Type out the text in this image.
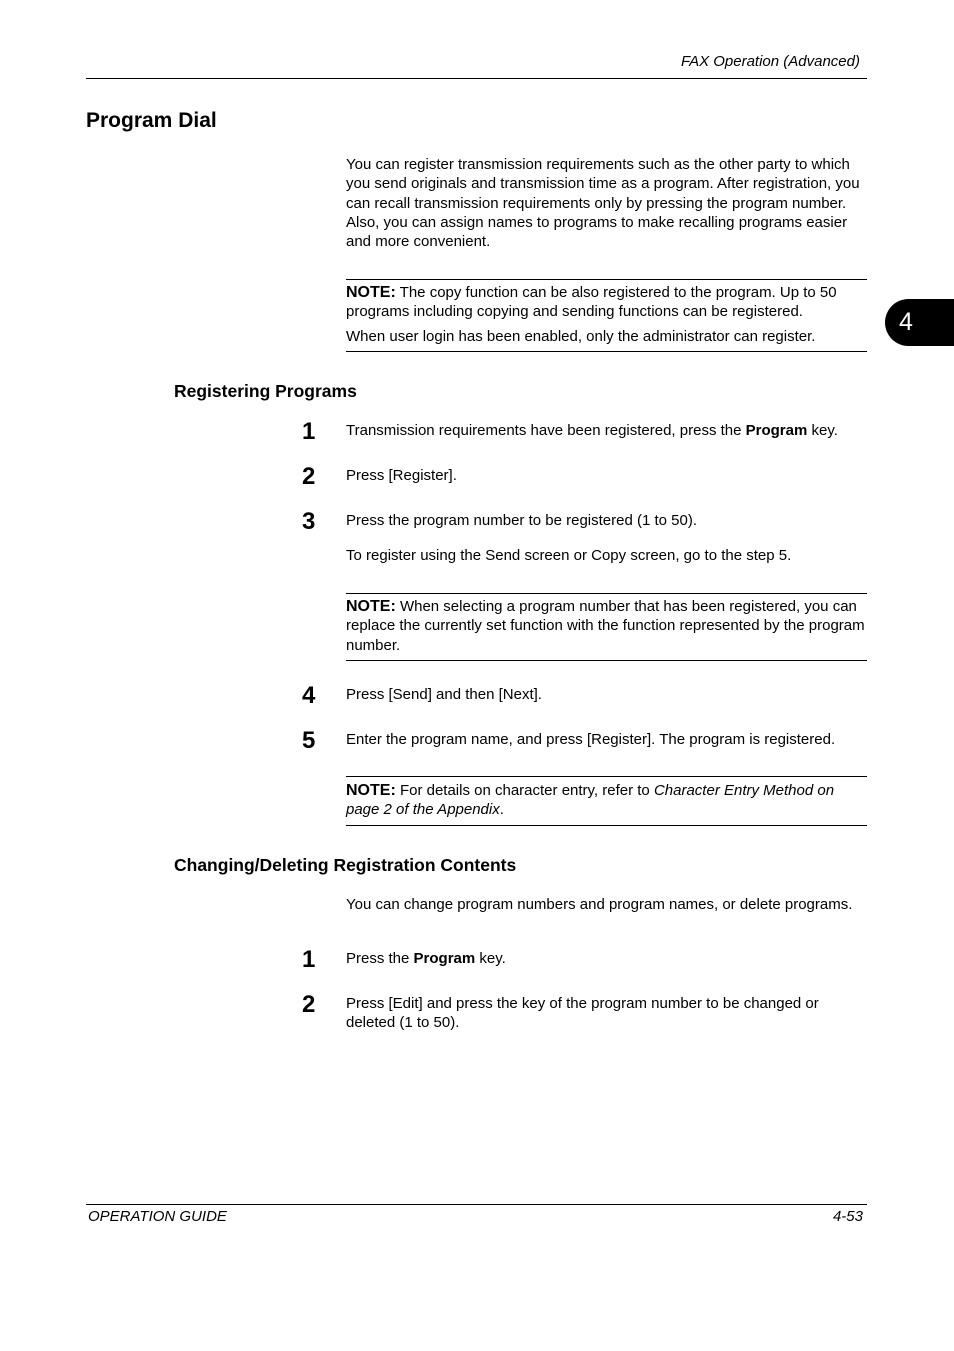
FAX Operation (Advanced)
4
Program Dial

You can register transmission requirements such as the other party to which you send originals and transmission time as a program. After registration, you can recall transmission requirements only by pressing the program number. Also, you can assign names to programs to make recalling programs easier and more convenient.

NOTE: The copy function can be also registered to the program. Up to 50 programs including copying and sending functions can be registered.

When user login has been enabled, only the administrator can register.

Registering Programs
1	Transmission requirements have been registered, press the Program key.

2	Press [Register].

3	Press the program number to be registered (1 to 50).

To register using the Send screen or Copy screen, go to the step 5.

NOTE: When selecting a program number that has been registered, you can replace the currently set function with the function represented by the program number.

4	Press [Send] and then [Next].

5	Enter the program name, and press [Register]. The program is registered.

NOTE: For details on character entry, refer to Character Entry Method on page 2 of the Appendix.

Changing/Deleting Registration Contents

You can change program numbers and program names, or delete programs.

1	Press the Program key.

2	Press [Edit] and press the key of the program number to be changed or deleted (1 to 50).

OPERATION GUIDE	4-53
